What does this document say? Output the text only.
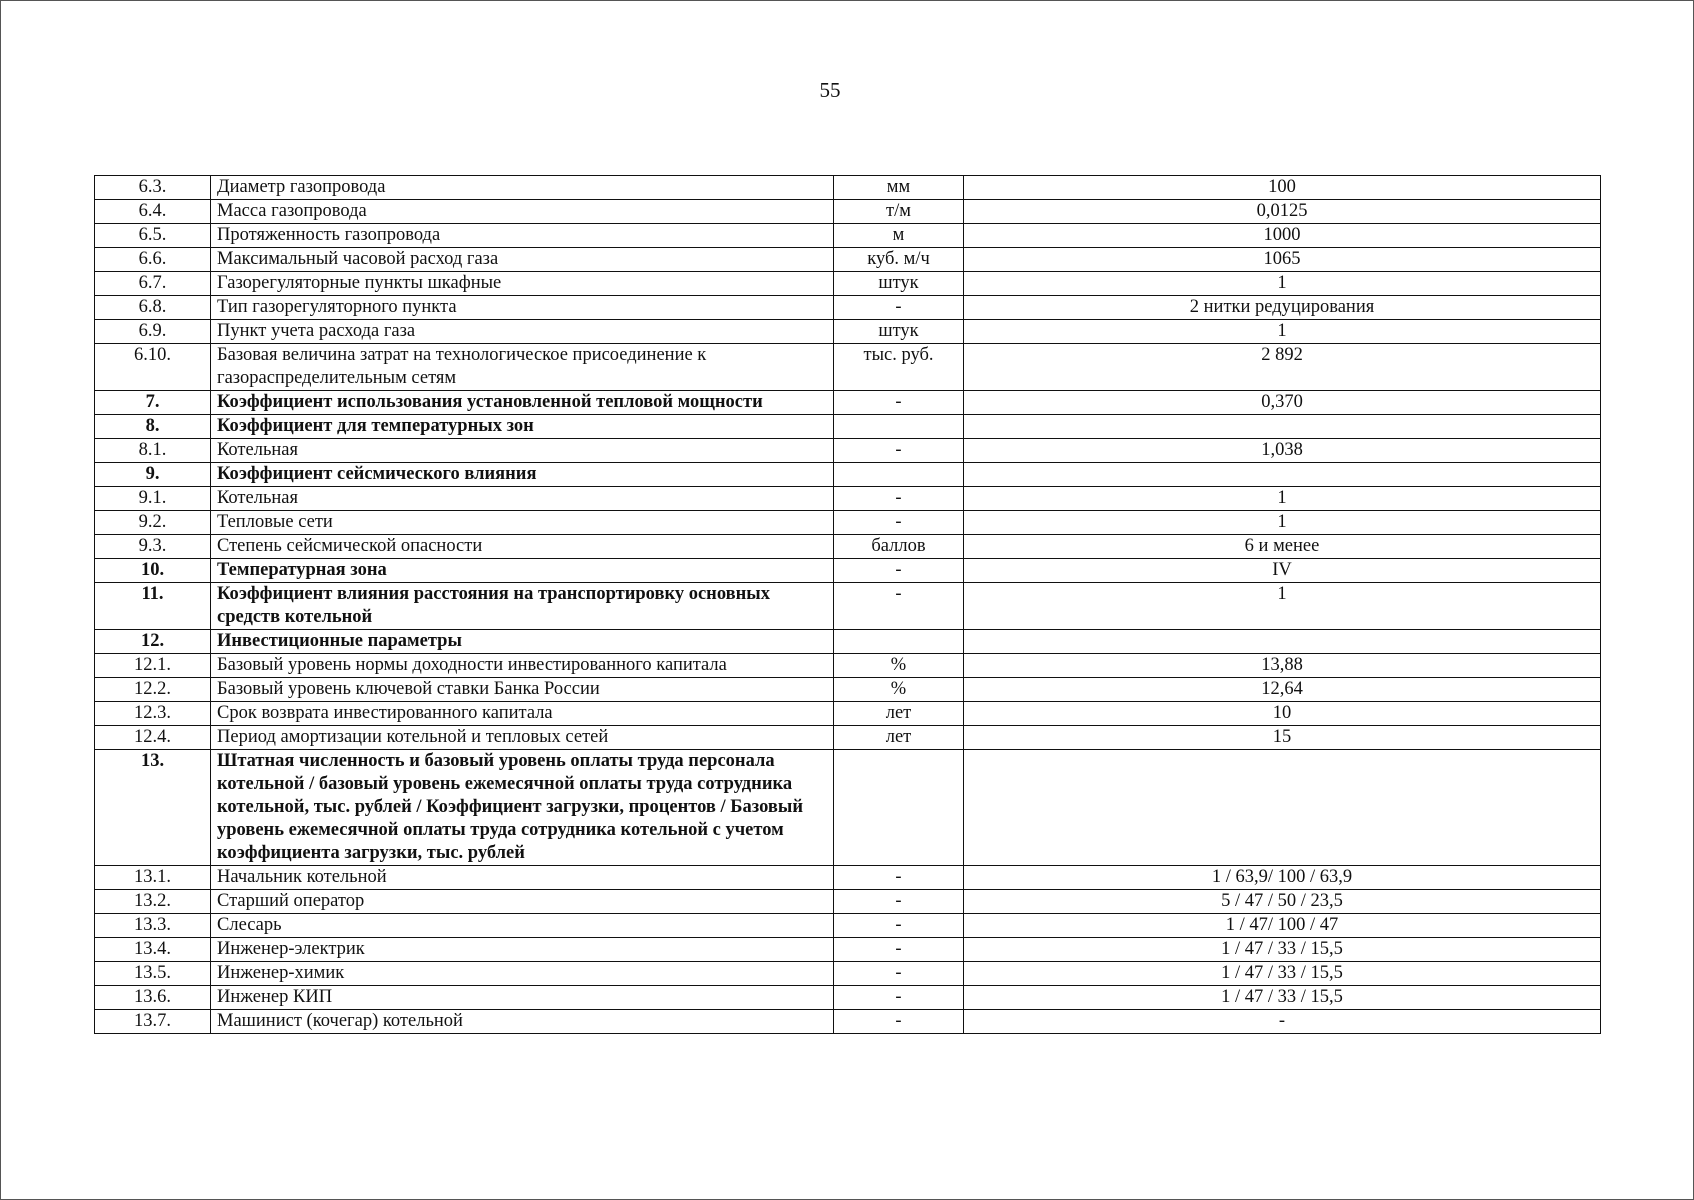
55
6.3.	Диаметр газопровода	мм	100
6.4.	Масса газопровода	т/м	0,0125
6.5.	Протяженность газопровода	м	1000
6.6.	Максимальный часовой расход газа	куб. м/ч	1065
6.7.	Газорегуляторные пункты шкафные	штук	1
6.8.	Тип газорегуляторного пункта	-	2 нитки редуцирования
6.9.	Пункт учета расхода газа	штук	1
6.10.	Базовая величина затрат на технологическое присоединение к газораспределительным сетям	тыс. руб.	2 892
7.	Коэффициент использования установленной тепловой мощности	-	0,370
8.	Коэффициент для температурных зон		
8.1.	Котельная	-	1,038
9.	Коэффициент сейсмического влияния		
9.1.	Котельная	-	1
9.2.	Тепловые сети	-	1
9.3.	Степень сейсмической опасности	баллов	6 и менее
10.	Температурная зона	-	IV
11.	Коэффициент влияния расстояния на транспортировку основных средств котельной	-	1
12.	Инвестиционные параметры		
12.1.	Базовый уровень нормы доходности инвестированного капитала	%	13,88
12.2.	Базовый уровень ключевой ставки Банка России	%	12,64
12.3.	Срок возврата инвестированного капитала	лет	10
12.4.	Период амортизации котельной и тепловых сетей	лет	15
13.	Штатная численность и базовый уровень оплаты труда персонала котельной / базовый уровень ежемесячной оплаты труда сотрудника котельной, тыс. рублей / Коэффициент загрузки, процентов / Базовый уровень ежемесячной оплаты труда сотрудника котельной с учетом коэффициента загрузки, тыс. рублей		
13.1.	Начальник котельной	-	1 / 63,9/ 100 / 63,9
13.2.	Старший оператор	-	5 / 47 / 50 / 23,5
13.3.	Слесарь	-	1 / 47/ 100 / 47
13.4.	Инженер-электрик	-	1 / 47 / 33 / 15,5
13.5.	Инженер-химик	-	1 / 47 / 33 / 15,5
13.6.	Инженер КИП	-	1 / 47 / 33 / 15,5
13.7.	Машинист (кочегар) котельной	-	-
